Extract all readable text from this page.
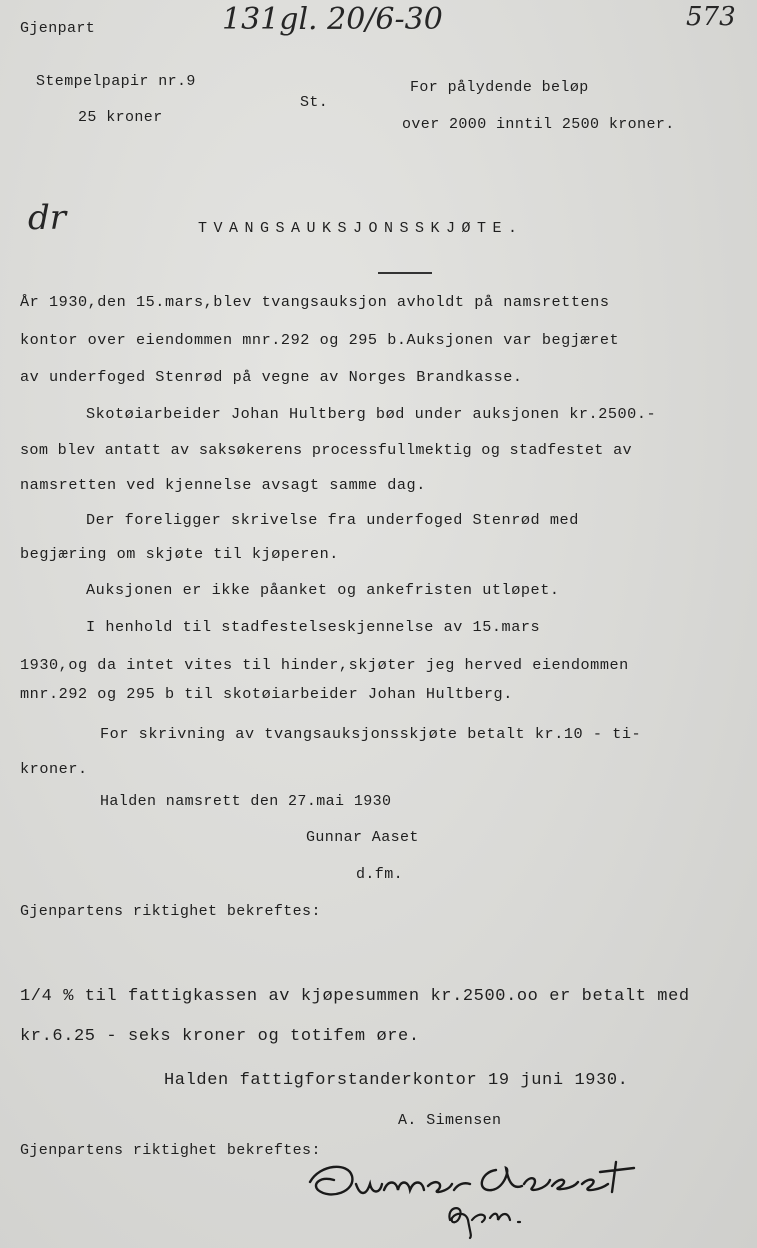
Gjenpart	131gl. 20/6-30	573
Stempelpapir nr.9
25 kroner
St.
For pålydende beløp
over 2000 inntil 2500 kroner.
dr	TVANGSAUKSJONSSKJØTE.
År 1930,den 15.mars,blev tvangsauksjon avholdt på namsrettens
kontor over eiendommen mnr.292 og 295 b.Auksjonen var begjæret
av underfoged Stenrød på vegne av Norges Brandkasse.
Skotøiarbeider Johan Hultberg bød under auksjonen kr.2500.-
som blev antatt av saksøkerens processfullmektig og stadfestet av
namsretten ved kjennelse avsagt samme dag.
Der foreligger skrivelse fra underfoged Stenrød med
begjæring om skjøte til kjøperen.
Auksjonen er ikke påanket og ankefristen utløpet.
I henhold til stadfestelseskjennelse av 15.mars
1930,og da intet vites til hinder,skjøter jeg herved eiendommen
mnr.292 og 295 b til skotøiarbeider Johan Hultberg.
For skrivning av tvangsauksjonsskjøte betalt kr.10 - ti-
kroner.
Halden namsrett den 27.mai 1930
Gunnar Aaset
d.fm.
Gjenpartens riktighet bekreftes:
1/4 % til fattigkassen av kjøpesummen kr.2500.oo er betalt med
kr.6.25 - seks kroner og totifem øre.
Halden fattigforstanderkontor 19 juni 1930.
A. Simensen
Gjenpartens riktighet bekreftes:
